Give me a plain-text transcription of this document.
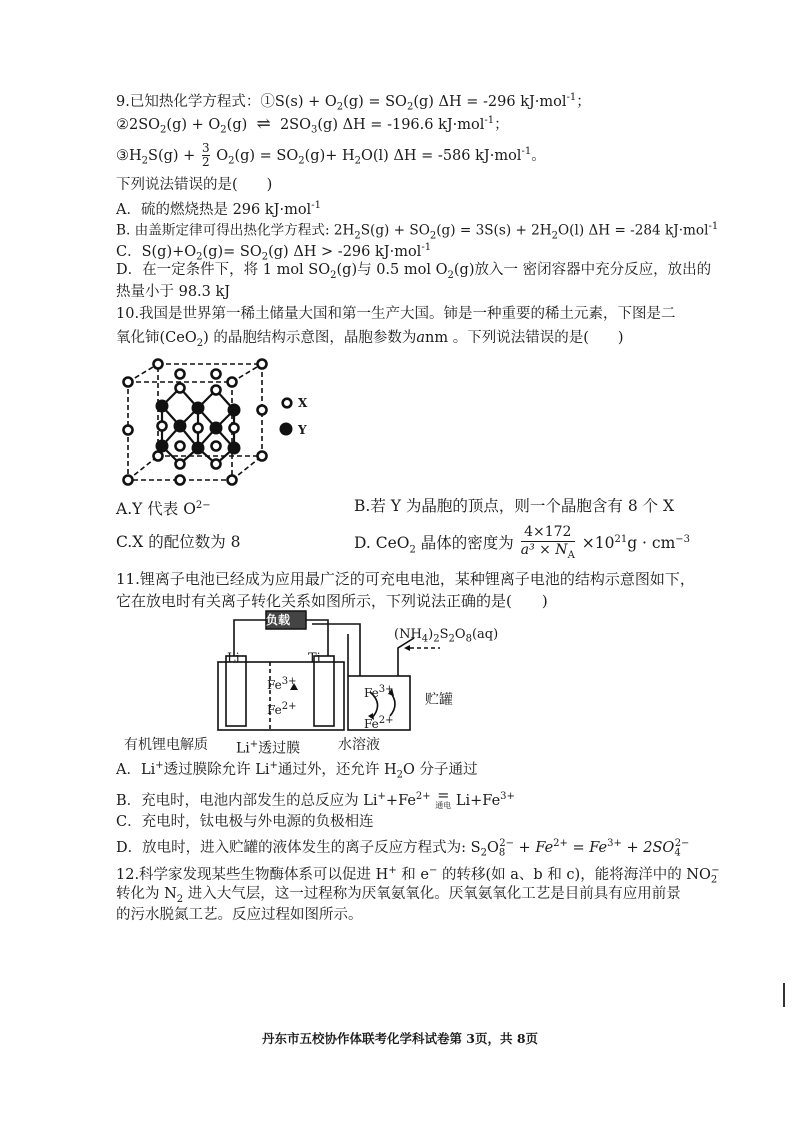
9.已知热化学方程式：①S(s) + $O_2(g) = SO_2(g) \Delta H = -296$ kJ·mol$^{-1}$；
$②2SO_2(g) + O_2(g)$ ⇌ $2SO_3(g) \Delta H = -196.6$ kJ·mol$^{-1}$；
$③H_2S(g) + \frac{3}{2} O_2(g) = SO_2(g)+ H_2O(l) \Delta H = -586$ kJ·mol$^{-1}$。
下列说法错误的是(　　)
A．硫的燃烧热是 296 kJ·mol$^{-1}$
B. 由盖斯定律可得出热化学方程式: $2H_2S(g) + SO_2(g) = 3S(s) + 2H_2O(l) \Delta H = -284$ kJ·mol$^{-1}$
C．$S(g)+O_2(g)= SO_2(g) \Delta H > -296$ kJ·mol$^{-1}$
D．在一定条件下，将 1 mol $SO_2(g)$与 0.5 mol $O_2(g)$放入一 密闭容器中充分反应，放出的
热量小于 98.3 kJ
10.我国是世界第一稀土储量大国和第一生产大国。铈是一种重要的稀土元素，下图是二
氧化铈(CeO$_2$) 的晶胞结构示意图，晶胞参数为anm 。下列说法错误的是(　　)
X
Y
A.Y 代表 $O^{2-}$	B.若 Y 为晶胞的顶点，则一个晶胞含有 8 个 X
C.X 的配位数为 8	D. CeO$_2$ 晶体的密度为 $\frac{4\times 172}{a^3 \times N_A} \times 10^{21}g \cdot cm^{-3}$
11.锂离子电池已经成为应用最广泛的可充电电池，某种锂离子电池的结构示意图如下，
它在放电时有关离子转化关系如图所示，下列说法正确的是(　　)
负载
Li	Ti
$(NH_4)_2S_2O_8(aq)$
$Fe^{3+}$
$Fe^{2+}$
$Fe^{3+}$
$Fe^{2+}$
贮罐
有机锂电解质 Li+透过膜	水溶液
A．Li+透过膜除允许 Li+通过外，还允许 $H_2O$ 分子通过
B．充电时，电池内部发生的总反应为 $Li^++Fe^{2+}$ =
通电 $Li+Fe^{3+}$
C．充电时，钛电极与外电源的负极相连
D．放电时，进入贮罐的液体发生的离子反应方程式为: $S_2O_8^{2-} + Fe^{2+} = Fe^{3+} + 2SO_4^{2-}$
12.科学家发现某些生物酶体系可以促进 H+ 和 e− 的转移(如 a、b 和 c)，能将海洋中的 $NO_2^-$
转化为 $N_2$ 进入大气层，这一过程称为厌氧氨氧化。厌氧氨氧化工艺是目前具有应用前景
的污水脱氮工艺。反应过程如图所示。
丹东市五校协作体联考化学科试卷第 3页，共 8页
